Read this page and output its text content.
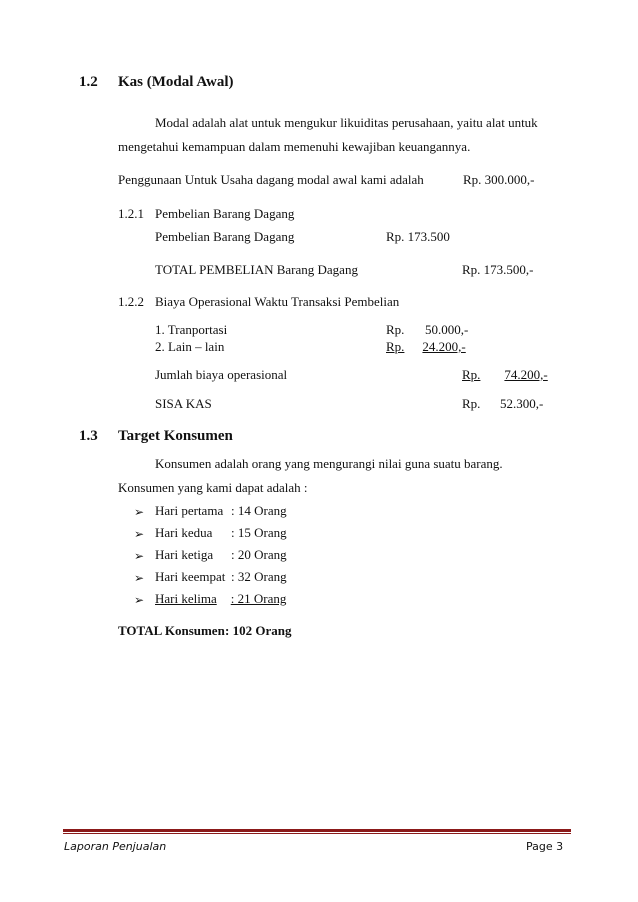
1.2 Kas (Modal Awal)
Modal adalah alat untuk mengukur likuiditas perusahaan, yaitu alat untuk
mengetahui kemampuan dalam memenuhi kewajiban keuangannya.
Penggunaan Untuk Usaha dagang modal awal kami adalah	Rp. 300.000,-
1.2.1 Pembelian Barang Dagang
Pembelian Barang Dagang	Rp. 173.500
TOTAL PEMBELIAN Barang Dagang	Rp. 173.500,-
1.2.2 Biaya Operasional Waktu Transaksi Pembelian
1. Tranportasi	Rp. 50.000,-
2. Lain – lain	Rp. 24.200,-
Jumlah biaya operasional	Rp. 74.200,-
SISA KAS	Rp. 52.300,-
1.3 Target Konsumen
Konsumen adalah orang yang mengurangi nilai guna suatu barang.
Konsumen yang kami dapat adalah :
➢ Hari pertama : 14 Orang
➢ Hari kedua : 15 Orang
➢ Hari ketiga : 20 Orang
➢ Hari keempat : 32 Orang
➢ Hari kelima : 21 Orang
TOTAL Konsumen : 102 Orang
Laporan Penjualan	Page 3
